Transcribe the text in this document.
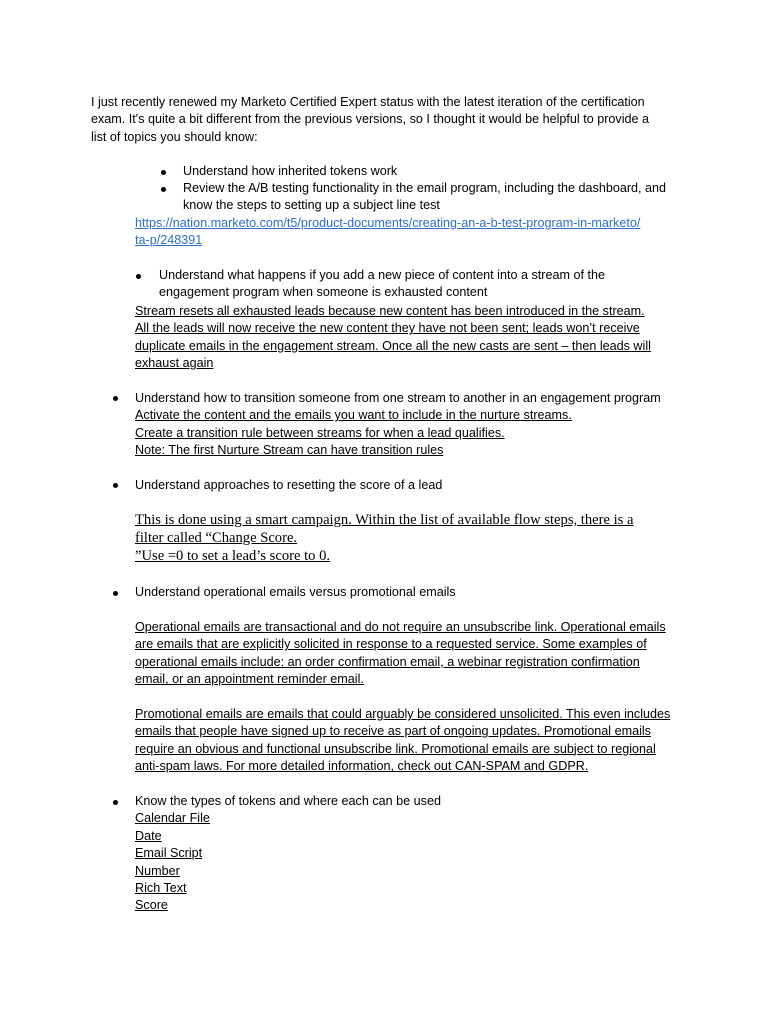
I just recently renewed my Marketo Certified Expert status with the latest iteration of the certification
exam. It's quite a bit different from the previous versions, so I thought it would be helpful to provide a
list of topics you should know:
Understand how inherited tokens work
Review the A/B testing functionality in the email program, including the dashboard, and
know the steps to setting up a subject line test
https://nation.marketo.com/t5/product-documents/creating-an-a-b-test-program-in-marketo/
ta-p/248391
Understand what happens if you add a new piece of content into a stream of the
engagement program when someone is exhausted content
Stream resets all exhausted leads because new content has been introduced in the stream.
All the leads will now receive the new content they have not been sent; leads won’t receive
duplicate emails in the engagement stream. Once all the new casts are sent – then leads will
exhaust again
Understand how to transition someone from one stream to another in an engagement program
Activate the content and the emails you want to include in the nurture streams.
Create a transition rule between streams for when a lead qualifies.
Note: The first Nurture Stream can have transition rules
Understand approaches to resetting the score of a lead
This is done using a smart campaign. Within the list of available flow steps, there is a
filter called “Change Score.
”Use =0 to set a lead’s score to 0.
Understand operational emails versus promotional emails
Operational emails are transactional and do not require an unsubscribe link. Operational emails
are emails that are explicitly solicited in response to a requested service. Some examples of
operational emails include: an order confirmation email, a webinar registration confirmation
email, or an appointment reminder email.
Promotional emails are emails that could arguably be considered unsolicited. This even includes
emails that people have signed up to receive as part of ongoing updates. Promotional emails
require an obvious and functional unsubscribe link. Promotional emails are subject to regional
anti-spam laws. For more detailed information, check out CAN-SPAM and GDPR.
Know the types of tokens and where each can be used
Calendar File
Date
Email Script
Number
Rich Text
Score
